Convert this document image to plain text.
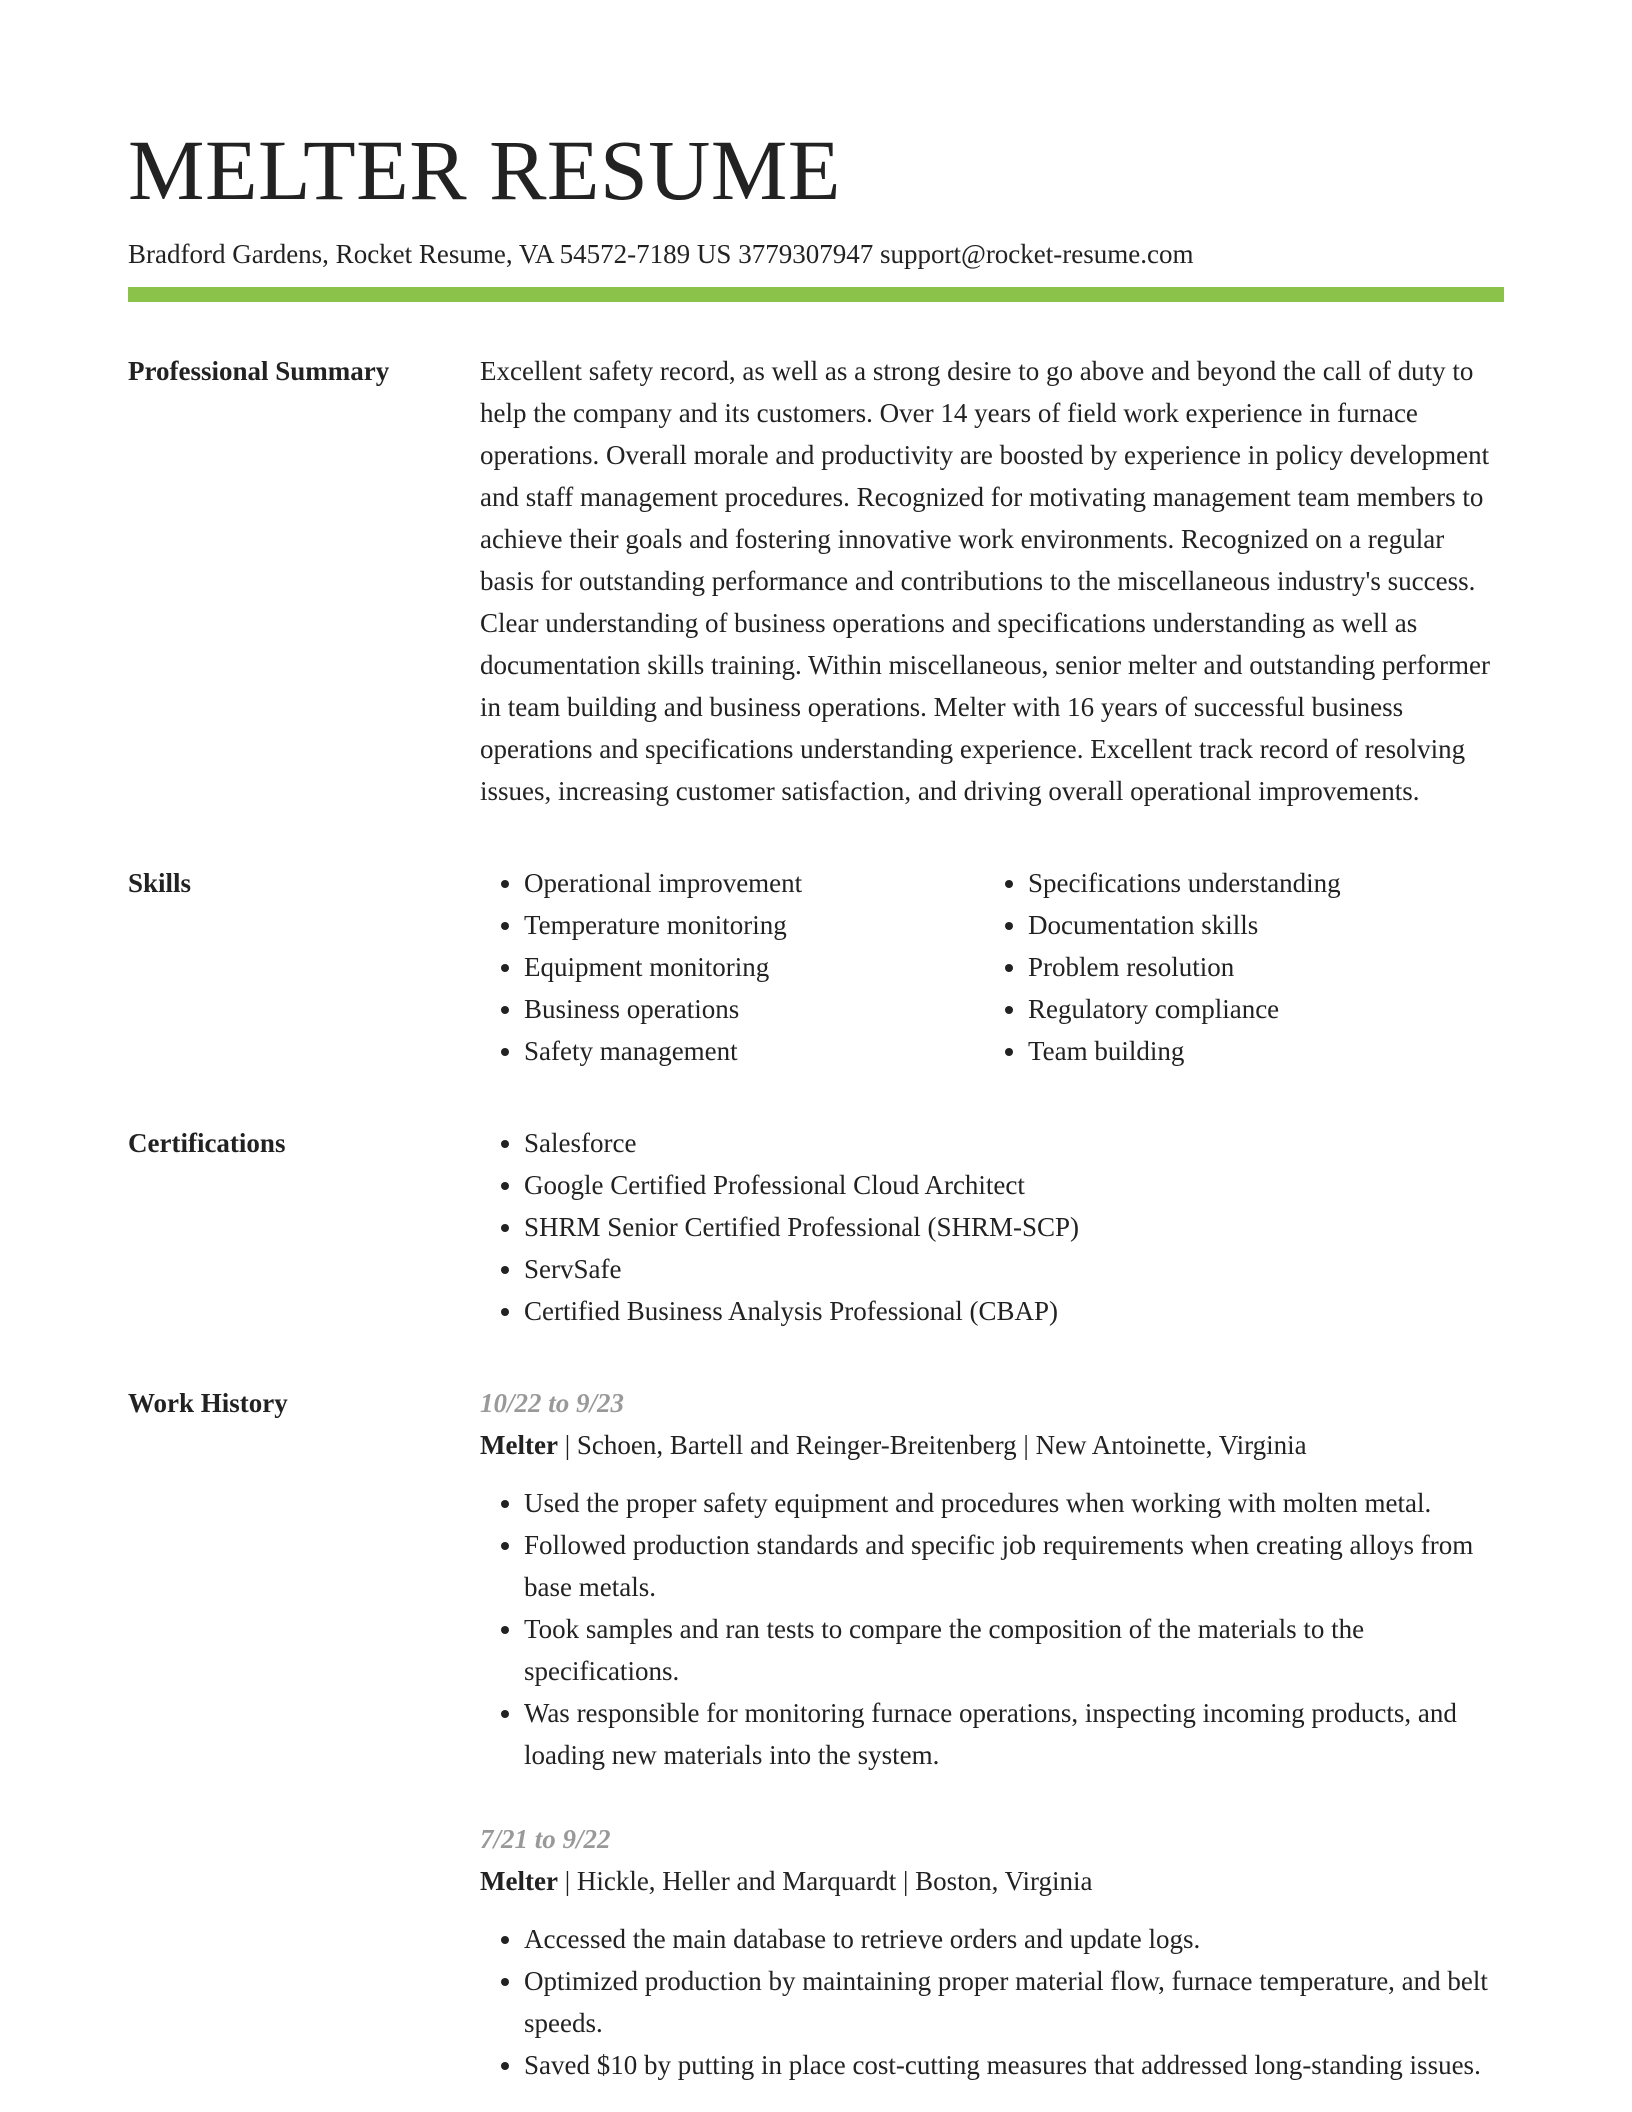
MELTER RESUME
Bradford Gardens, Rocket Resume, VA 54572-7189 US 3779307947 support@rocket-resume.com
Professional Summary	Excellent safety record, as well as a strong desire to go above and beyond the call of duty to help the company and its customers. Over 14 years of field work experience in furnace operations. Overall morale and productivity are boosted by experience in policy development and staff management procedures. Recognized for motivating management team members to achieve their goals and fostering innovative work environments. Recognized on a regular basis for outstanding performance and contributions to the miscellaneous industry's success. Clear understanding of business operations and specifications understanding as well as documentation skills training. Within miscellaneous, senior melter and outstanding performer in team building and business operations. Melter with 16 years of successful business operations and specifications understanding experience. Excellent track record of resolving issues, increasing customer satisfaction, and driving overall operational improvements.
Skills	• Operational improvement
• Temperature monitoring
• Equipment monitoring
• Business operations
• Safety management
• Specifications understanding
• Documentation skills
• Problem resolution
• Regulatory compliance
• Team building
Certifications	• Salesforce
• Google Certified Professional Cloud Architect
• SHRM Senior Certified Professional (SHRM-SCP)
• ServSafe
• Certified Business Analysis Professional (CBAP)
Work History	10/22 to 9/23
Melter | Schoen, Bartell and Reinger-Breitenberg | New Antoinette, Virginia
• Used the proper safety equipment and procedures when working with molten metal.
• Followed production standards and specific job requirements when creating alloys from base metals.
• Took samples and ran tests to compare the composition of the materials to the specifications.
• Was responsible for monitoring furnace operations, inspecting incoming products, and loading new materials into the system.
7/21 to 9/22
Melter | Hickle, Heller and Marquardt | Boston, Virginia
• Accessed the main database to retrieve orders and update logs.
• Optimized production by maintaining proper material flow, furnace temperature, and belt speeds.
• Saved $10 by putting in place cost-cutting measures that addressed long-standing issues.
